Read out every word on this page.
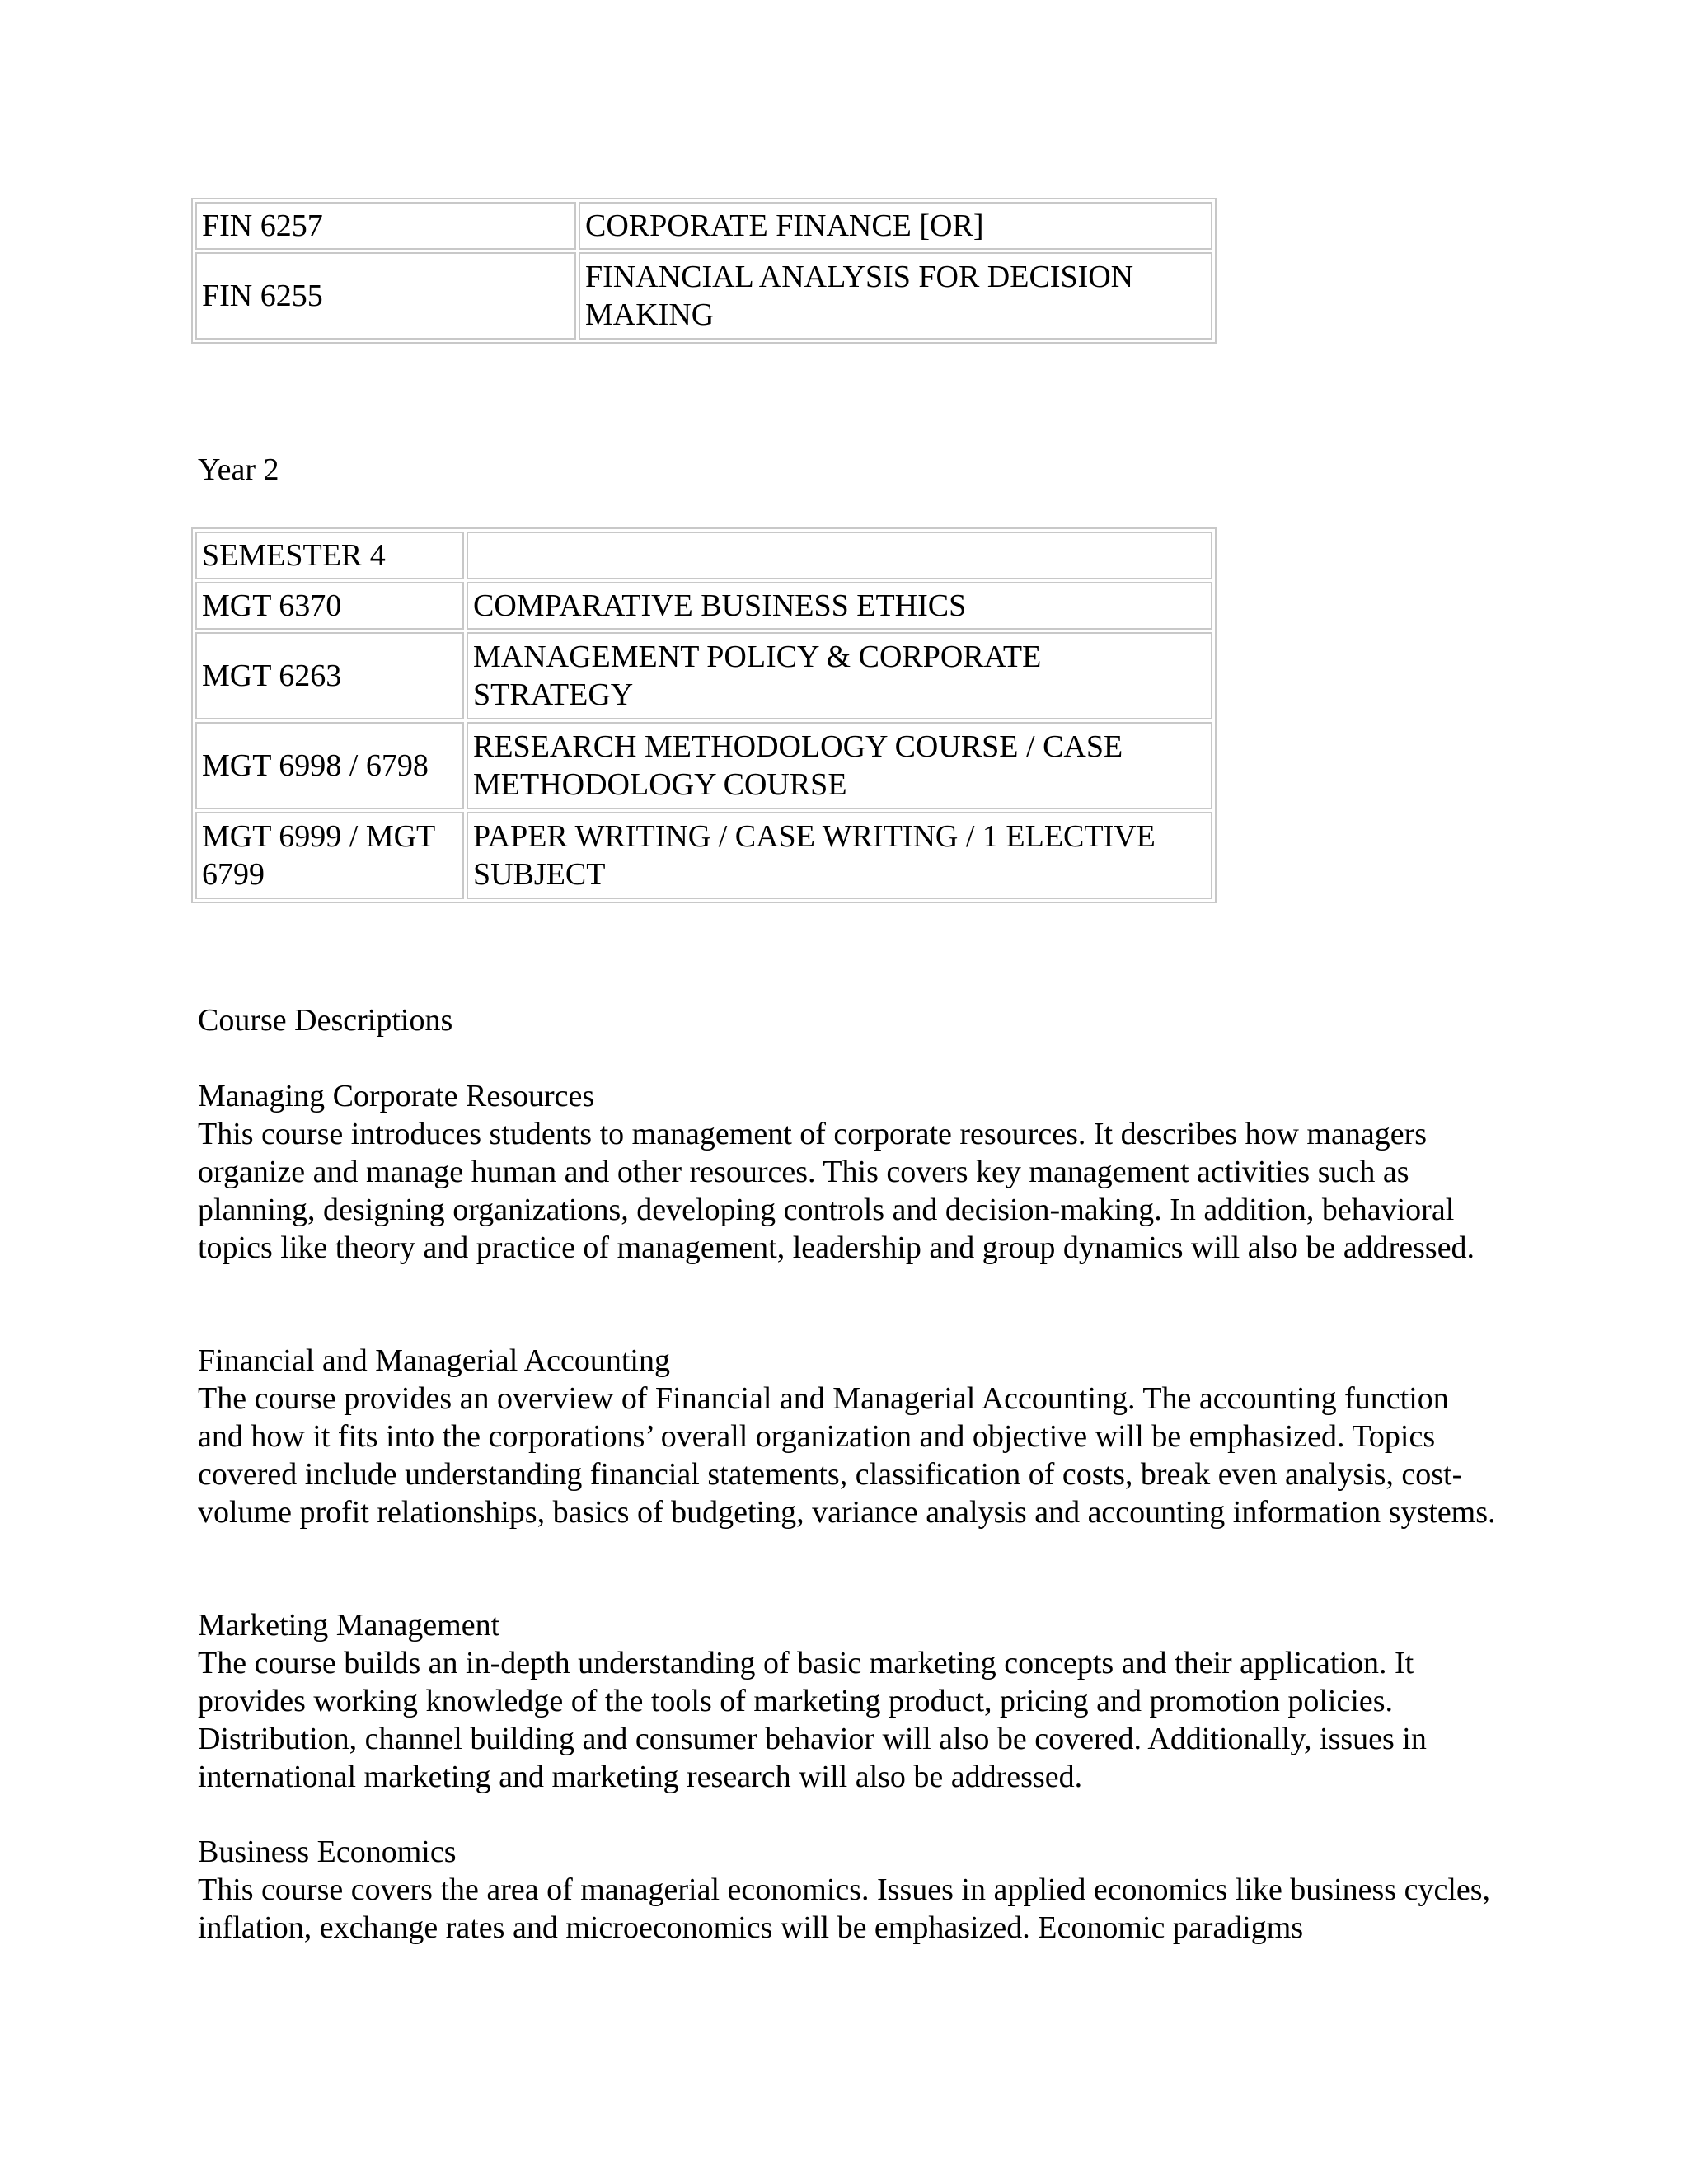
FIN 6257	CORPORATE FINANCE [OR]
FIN 6255	FINANCIAL ANALYSIS FOR DECISION MAKING

Year 2

SEMESTER 4	
MGT 6370	COMPARATIVE BUSINESS ETHICS
MGT 6263	MANAGEMENT POLICY & CORPORATE STRATEGY
MGT 6998 / 6798	RESEARCH METHODOLOGY COURSE / CASE METHODOLOGY COURSE
MGT 6999 / MGT 6799	PAPER WRITING / CASE WRITING / 1 ELECTIVE SUBJECT

Course Descriptions

Managing Corporate Resources
This course introduces students to management of corporate resources. It describes how managers organize and manage human and other resources. This covers key management activities such as planning, designing organizations, developing controls and decision-making. In addition, behavioral topics like theory and practice of management, leadership and group dynamics will also be addressed.
Financial and Managerial Accounting
The course provides an overview of Financial and Managerial Accounting. The accounting function and how it fits into the corporations’ overall organization and objective will be emphasized. Topics covered include understanding financial statements, classification of costs, break even analysis, cost-volume profit relationships, basics of budgeting, variance analysis and accounting information systems.
Marketing Management
The course builds an in-depth understanding of basic marketing concepts and their application. It provides working knowledge of the tools of marketing product, pricing and promotion policies. Distribution, channel building and consumer behavior will also be covered. Additionally, issues in international marketing and marketing research will also be addressed.
Business Economics
This course covers the area of managerial economics. Issues in applied economics like business cycles, inflation, exchange rates and microeconomics will be emphasized. Economic paradigms
